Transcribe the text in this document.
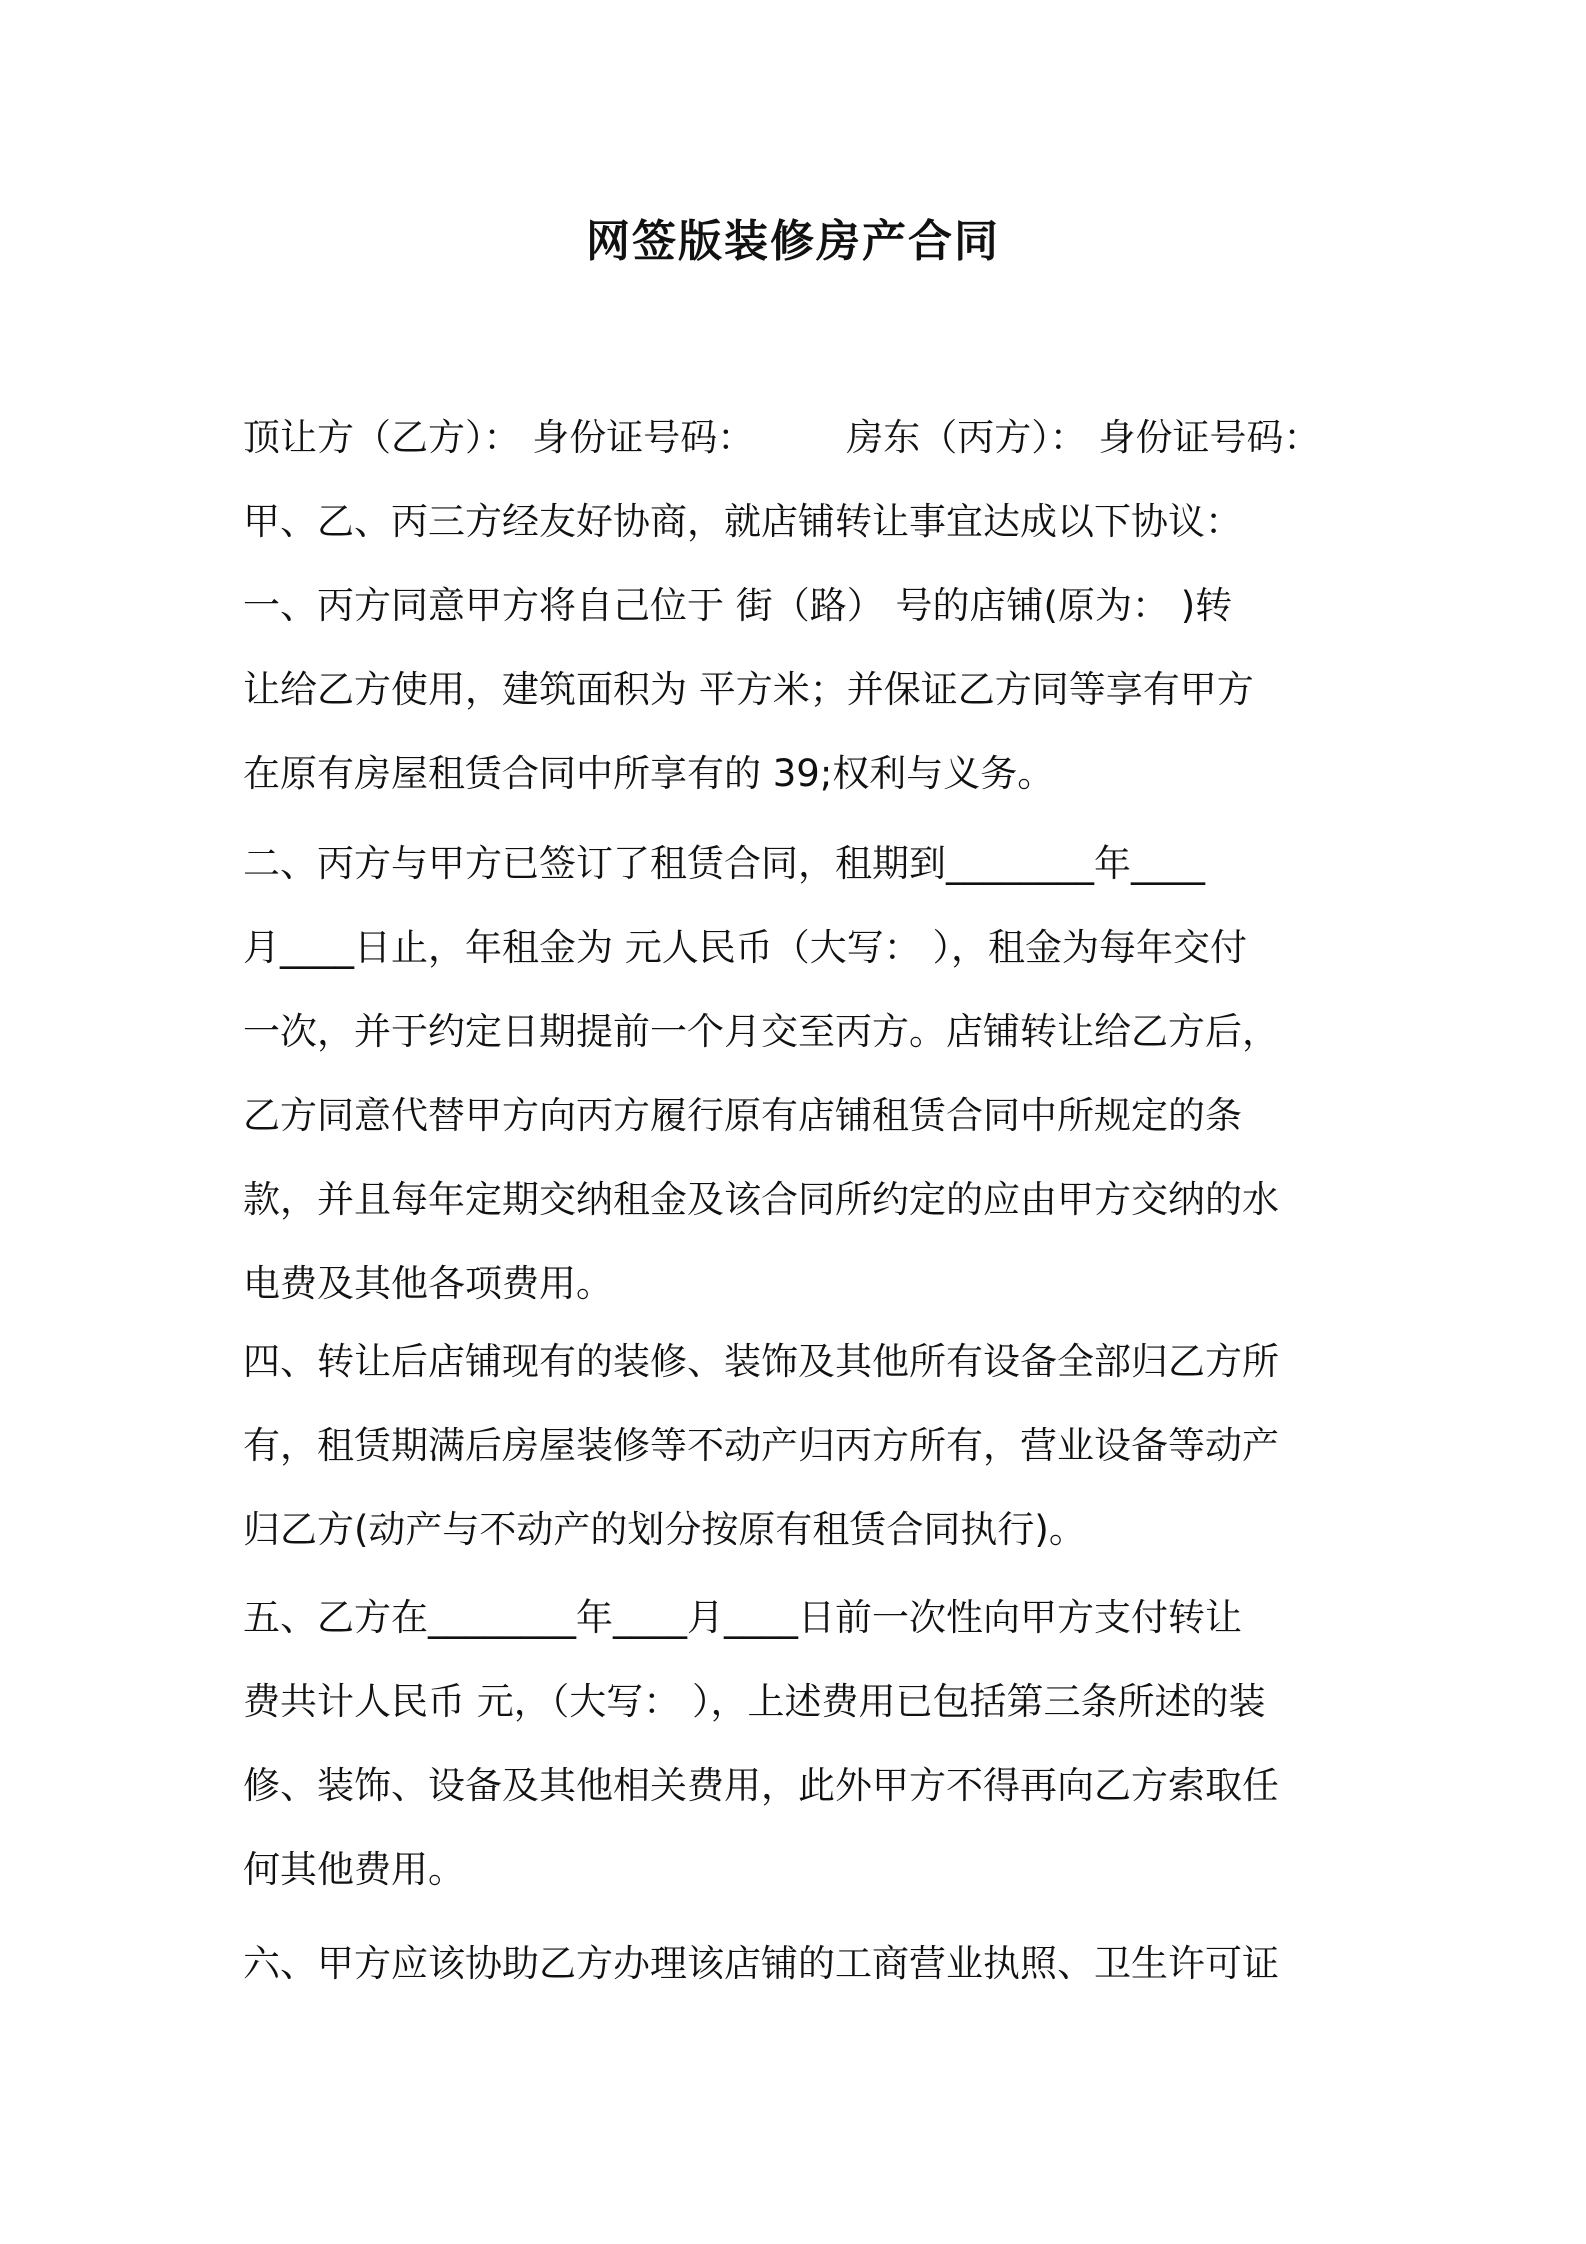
网签版装修房产合同
顶让方（乙方）： 身份证号码： 房东（丙方）： 身份证号码：
甲、乙、丙三方经友好协商，就店铺转让事宜达成以下协议：
一、丙方同意甲方将自己位于 街（路） 号的店铺(原为： )转
让给乙方使用，建筑面积为 平方米；并保证乙方同等享有甲方
在原有房屋租赁合同中所享有的 39;权利与义务。
二、丙方与甲方已签订了租赁合同，租期到________年____
月____日止，年租金为 元人民币（大写： ），租金为每年交付
一次，并于约定日期提前一个月交至丙方。店铺转让给乙方后，
乙方同意代替甲方向丙方履行原有店铺租赁合同中所规定的条
款，并且每年定期交纳租金及该合同所约定的应由甲方交纳的水
电费及其他各项费用。
四、转让后店铺现有的装修、装饰及其他所有设备全部归乙方所
有，租赁期满后房屋装修等不动产归丙方所有，营业设备等动产
归乙方(动产与不动产的划分按原有租赁合同执行)。
五、乙方在________年____月____日前一次性向甲方支付转让
费共计人民币 元，（大写： ），上述费用已包括第三条所述的装
修、装饰、设备及其他相关费用，此外甲方不得再向乙方索取任
何其他费用。
六、甲方应该协助乙方办理该店铺的工商营业执照、卫生许可证
